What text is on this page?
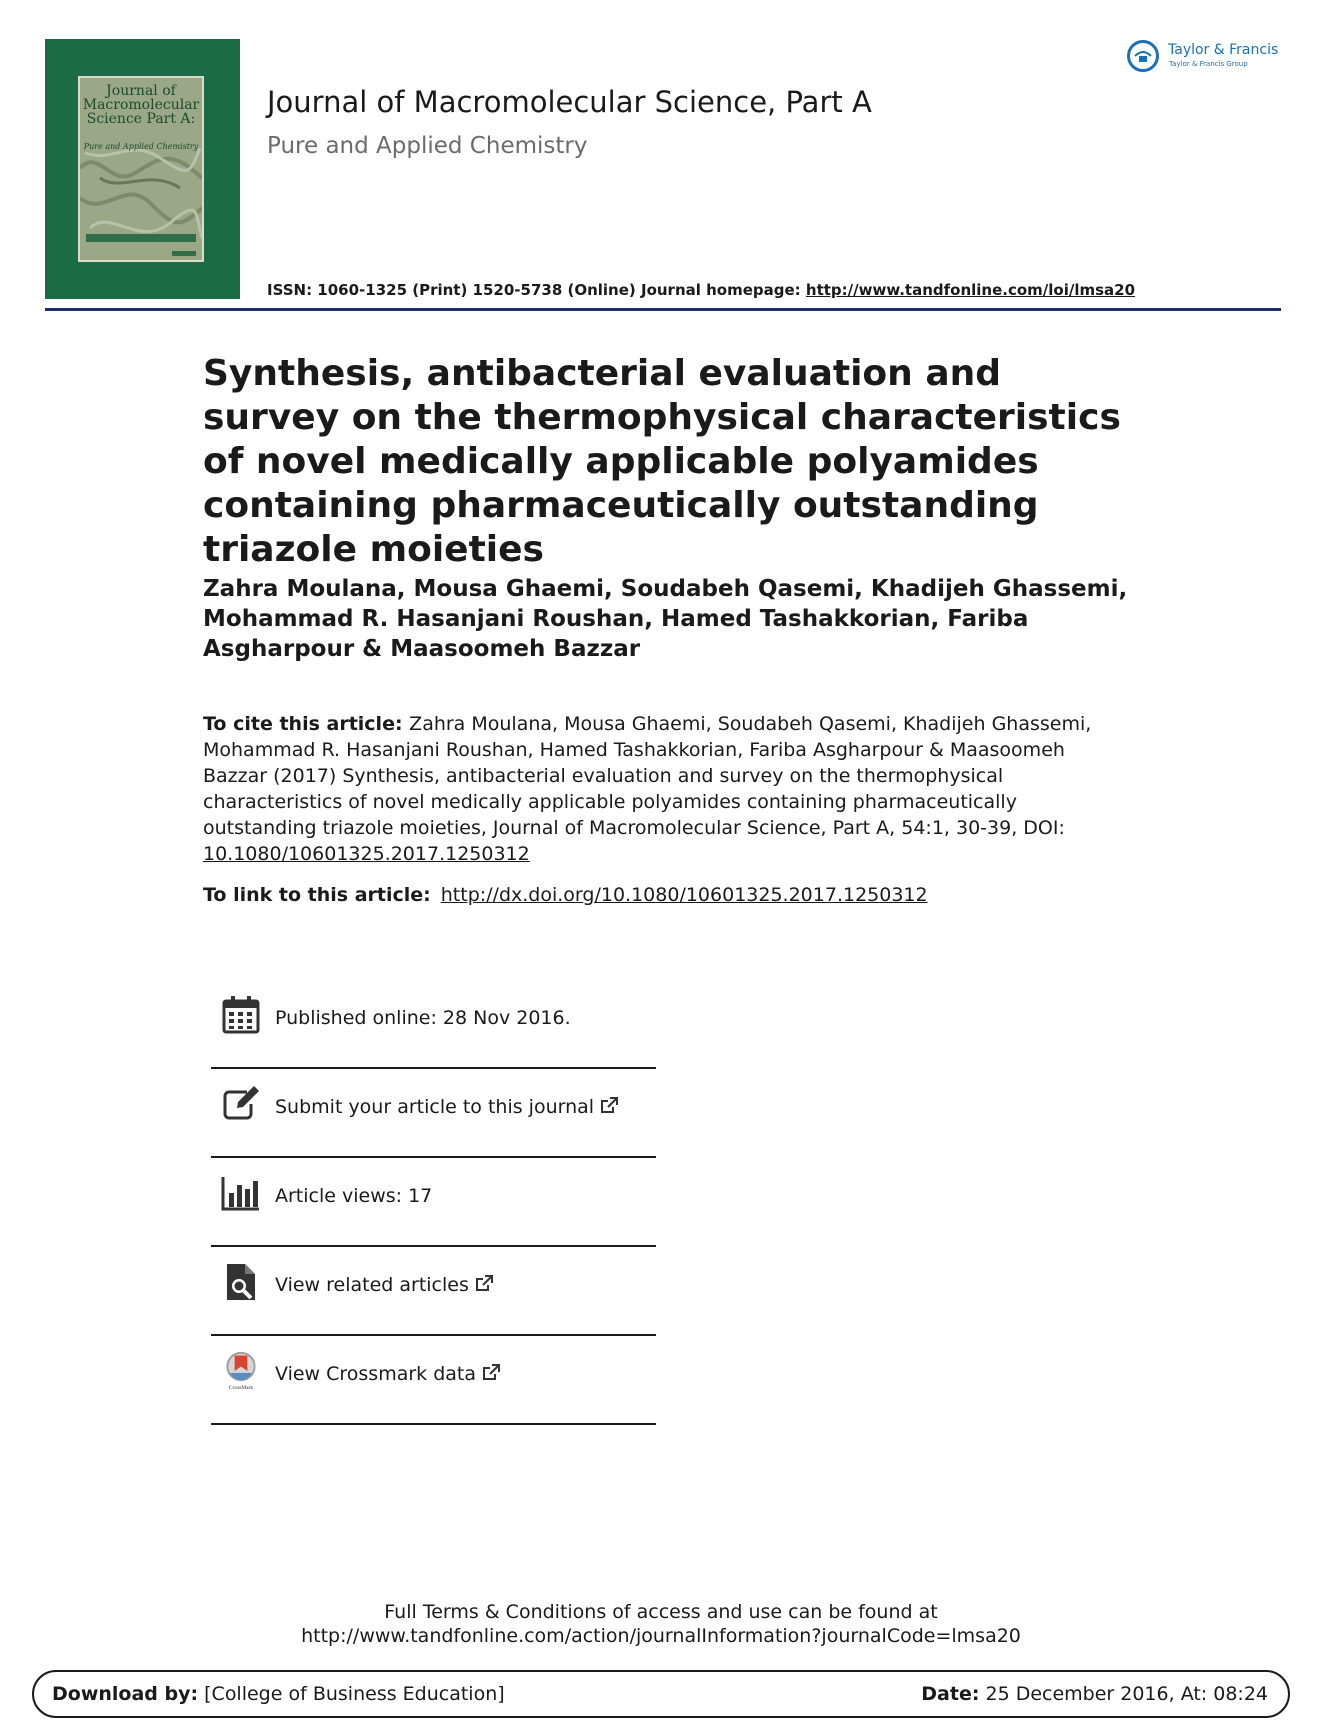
Journal of Macromolecular Science Part A:
Pure and Applied Chemistry
Journal of Macromolecular Science, Part A
Pure and Applied Chemistry
ISSN: 1060-1325 (Print) 1520-5738 (Online) Journal homepage: http://www.tandfonline.com/loi/lmsa20
Taylor & Francis
Taylor & Francis Group
Synthesis, antibacterial evaluation and survey on the thermophysical characteristics of novel medically applicable polyamides containing pharmaceutically outstanding triazole moieties
Zahra Moulana, Mousa Ghaemi, Soudabeh Qasemi, Khadijeh Ghassemi, Mohammad R. Hasanjani Roushan, Hamed Tashakkorian, Fariba Asgharpour & Maasoomeh Bazzar
To cite this article: Zahra Moulana, Mousa Ghaemi, Soudabeh Qasemi, Khadijeh Ghassemi, Mohammad R. Hasanjani Roushan, Hamed Tashakkorian, Fariba Asgharpour & Maasoomeh Bazzar (2017) Synthesis, antibacterial evaluation and survey on the thermophysical characteristics of novel medically applicable polyamides containing pharmaceutically outstanding triazole moieties, Journal of Macromolecular Science, Part A, 54:1, 30-39, DOI: 10.1080/10601325.2017.1250312
To link to this article: http://dx.doi.org/10.1080/10601325.2017.1250312
Published online: 28 Nov 2016.
Submit your article to this journal
Article views: 17
View related articles
CrossMark
View Crossmark data
Full Terms & Conditions of access and use can be found at
http://www.tandfonline.com/action/journalInformation?journalCode=lmsa20
Download by: [College of Business Education]	Date: 25 December 2016, At: 08:24
